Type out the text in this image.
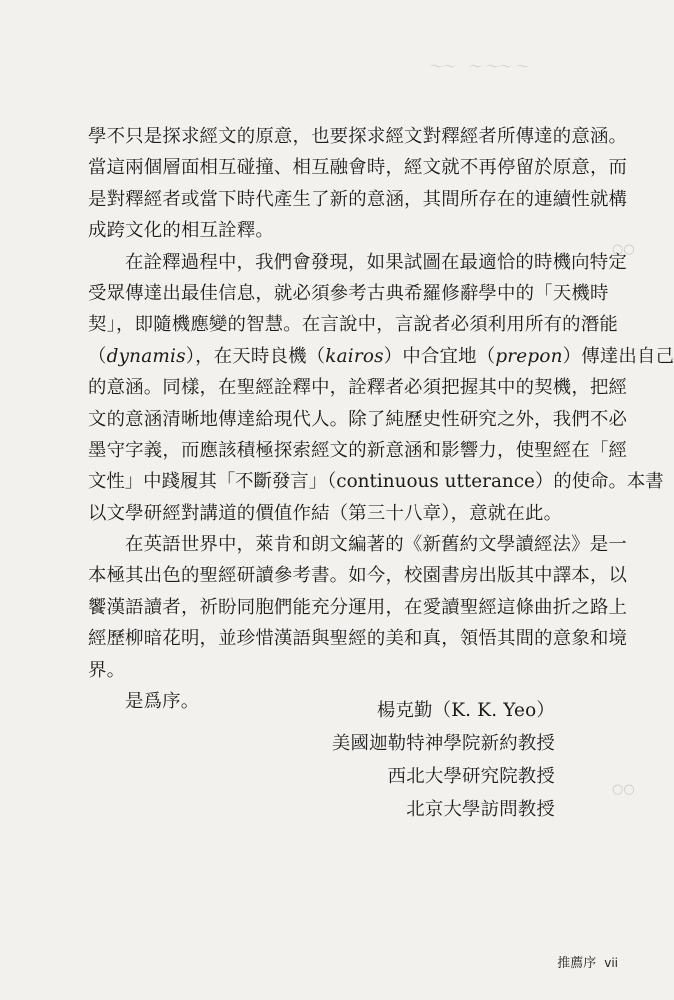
〜〜　〜 〜〜 〜
○○
○○
學不只是探求經文的原意，也要探求經文對釋經者所傳達的意涵。
當這兩個層面相互碰撞、相互融會時，經文就不再停留於原意，而
是對釋經者或當下時代產生了新的意涵，其間所存在的連續性就構
成跨文化的相互詮釋。
在詮釋過程中，我們會發現，如果試圖在最適恰的時機向特定
受眾傳達出最佳信息，就必須參考古典希羅修辭學中的「天機時
契」，即隨機應變的智慧。在言說中，言說者必須利用所有的潛能
（dynamis），在天時良機（kairos）中合宜地（prepon）傳達出自己
的意涵。同樣，在聖經詮釋中，詮釋者必須把握其中的契機，把經
文的意涵清晰地傳達給現代人。除了純歷史性研究之外，我們不必
墨守字義，而應該積極探索經文的新意涵和影響力，使聖經在「經
文性」中踐履其「不斷發言」（continuous utterance）的使命。本書
以文學研經對講道的價值作結（第三十八章），意就在此。
在英語世界中，萊肯和朗文編著的《新舊約文學讀經法》是一
本極其出色的聖經研讀參考書。如今，校園書房出版其中譯本，以
饗漢語讀者，祈盼同胞們能充分運用，在愛讀聖經這條曲折之路上
經歷柳暗花明，並珍惜漢語與聖經的美和真，領悟其間的意象和境
界。
是爲序。	楊克勤（K. K. Yeo）
美國迦勒特神學院新約教授
西北大學研究院教授
北京大學訪問教授
推薦序 vii
